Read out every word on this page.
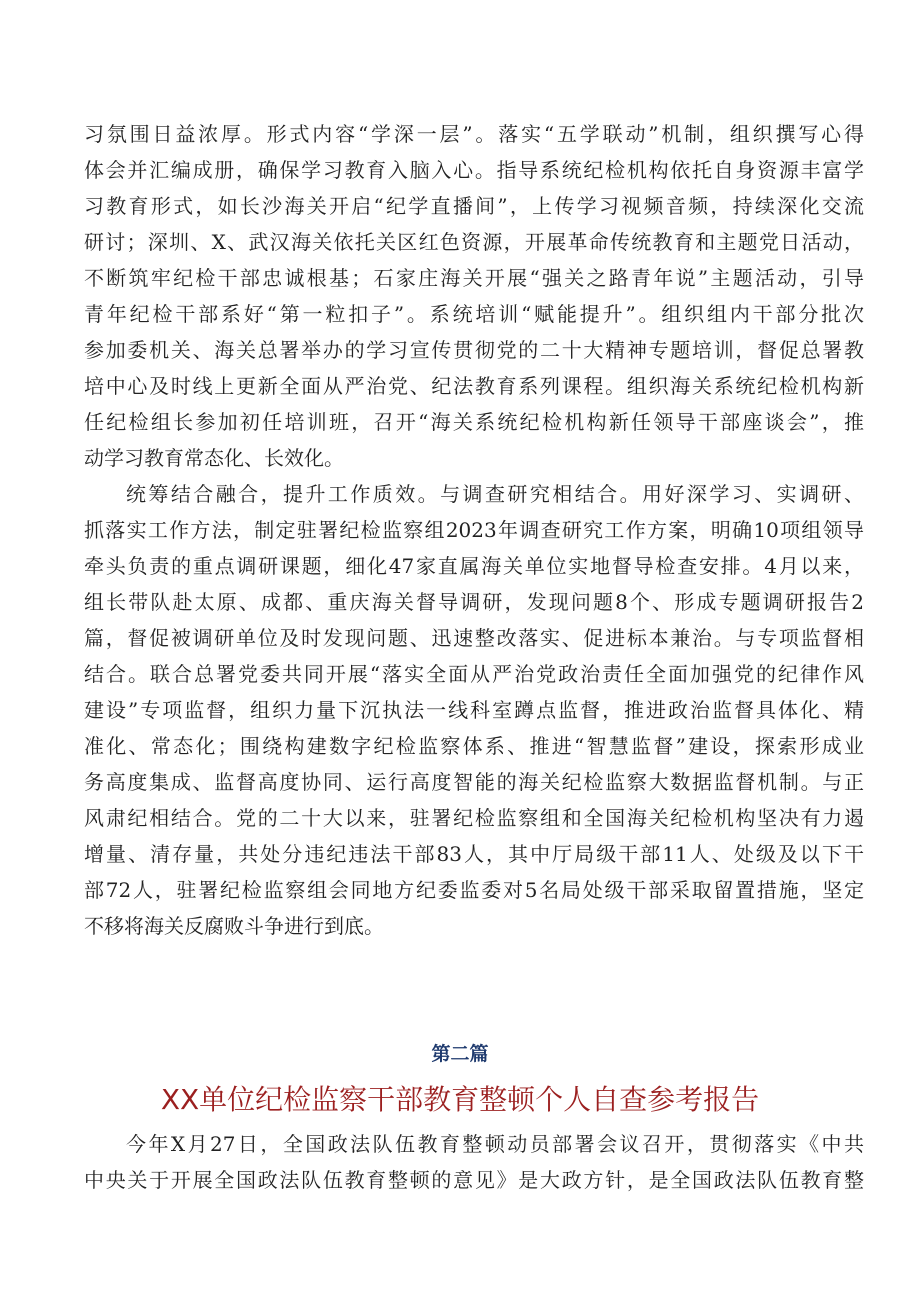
习氛围日益浓厚。形式内容“学深一层”。落实“五学联动”机制，组织撰写心得
体会并汇编成册，确保学习教育入脑入心。指导系统纪检机构依托自身资源丰富学
习教育形式，如长沙海关开启“纪学直播间”，上传学习视频音频，持续深化交流
研讨；深圳、X、武汉海关依托关区红色资源，开展革命传统教育和主题党日活动，
不断筑牢纪检干部忠诚根基；石家庄海关开展“强关之路青年说”主题活动，引导
青年纪检干部系好“第一粒扣子”。系统培训“赋能提升”。组织组内干部分批次
参加委机关、海关总署举办的学习宣传贯彻党的二十大精神专题培训，督促总署教
培中心及时线上更新全面从严治党、纪法教育系列课程。组织海关系统纪检机构新
任纪检组长参加初任培训班，召开“海关系统纪检机构新任领导干部座谈会”，推
动学习教育常态化、长效化。
统筹结合融合，提升工作质效。与调查研究相结合。用好深学习、实调研、
抓落实工作方法，制定驻署纪检监察组2023年调查研究工作方案，明确10项组领导
牵头负责的重点调研课题，细化47家直属海关单位实地督导检查安排。4月以来，
组长带队赴太原、成都、重庆海关督导调研，发现问题8个、形成专题调研报告2
篇，督促被调研单位及时发现问题、迅速整改落实、促进标本兼治。与专项监督相
结合。联合总署党委共同开展“落实全面从严治党政治责任全面加强党的纪律作风
建设”专项监督，组织力量下沉执法一线科室蹲点监督，推进政治监督具体化、精
准化、常态化；围绕构建数字纪检监察体系、推进“智慧监督”建设，探索形成业
务高度集成、监督高度协同、运行高度智能的海关纪检监察大数据监督机制。与正
风肃纪相结合。党的二十大以来，驻署纪检监察组和全国海关纪检机构坚决有力遏
增量、清存量，共处分违纪违法干部83人，其中厅局级干部11人、处级及以下干
部72人，驻署纪检监察组会同地方纪委监委对5名局处级干部采取留置措施，坚定
不移将海关反腐败斗争进行到底。
第二篇
XX单位纪检监察干部教育整顿个人自查参考报告
今年X月27日，全国政法队伍教育整顿动员部署会议召开，贯彻落实《中共
中央关于开展全国政法队伍教育整顿的意见》是大政方针，是全国政法队伍教育整
